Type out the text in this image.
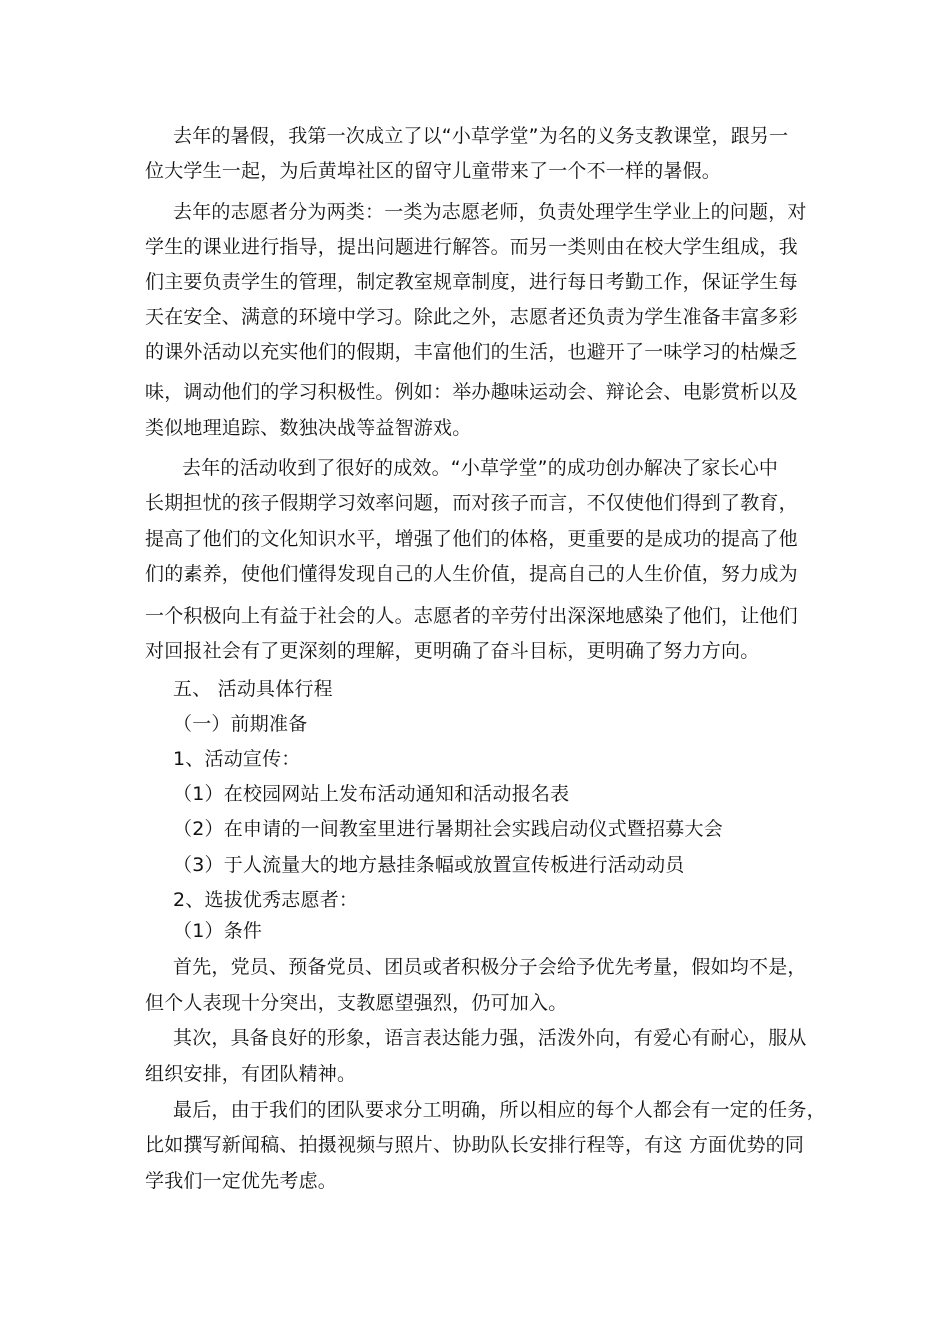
去年的暑假，我第一次成立了以“小草学堂”为名的义务支教课堂，跟另一
位大学生一起，为后黄埠社区的留守儿童带来了一个不一样的暑假。
去年的志愿者分为两类：一类为志愿老师，负责处理学生学业上的问题，对
学生的课业进行指导，提出问题进行解答。而另一类则由在校大学生组成，我
们主要负责学生的管理，制定教室规章制度，进行每日考勤工作，保证学生每
天在安全、满意的环境中学习。除此之外，志愿者还负责为学生准备丰富多彩
的课外活动以充实他们的假期，丰富他们的生活，也避开了一味学习的枯燥乏
味，调动他们的学习积极性。例如：举办趣味运动会、辩论会、电影赏析以及
类似地理追踪、数独决战等益智游戏。
去年的活动收到了很好的成效。“小草学堂”的成功创办解决了家长心中
长期担忧的孩子假期学习效率问题，而对孩子而言，不仅使他们得到了教育，
提高了他们的文化知识水平，增强了他们的体格，更重要的是成功的提高了他
们的素养，使他们懂得发现自己的人生价值，提高自己的人生价值，努力成为
一个积极向上有益于社会的人。志愿者的辛劳付出深深地感染了他们，让他们
对回报社会有了更深刻的理解，更明确了奋斗目标，更明确了努力方向。
五、 活动具体行程
（一）前期准备
1、活动宣传：
（1）在校园网站上发布活动通知和活动报名表
（2）在申请的一间教室里进行暑期社会实践启动仪式暨招募大会
（3）于人流量大的地方悬挂条幅或放置宣传板进行活动动员
2、选拔优秀志愿者：
（1）条件
首先，党员、预备党员、团员或者积极分子会给予优先考量，假如均不是，
但个人表现十分突出，支教愿望强烈，仍可加入。
其次，具备良好的形象，语言表达能力强，活泼外向，有爱心有耐心，服从
组织安排，有团队精神。
最后，由于我们的团队要求分工明确，所以相应的每个人都会有一定的任务，
比如撰写新闻稿、拍摄视频与照片、协助队长安排行程等，有这 方面优势的同
学我们一定优先考虑。
